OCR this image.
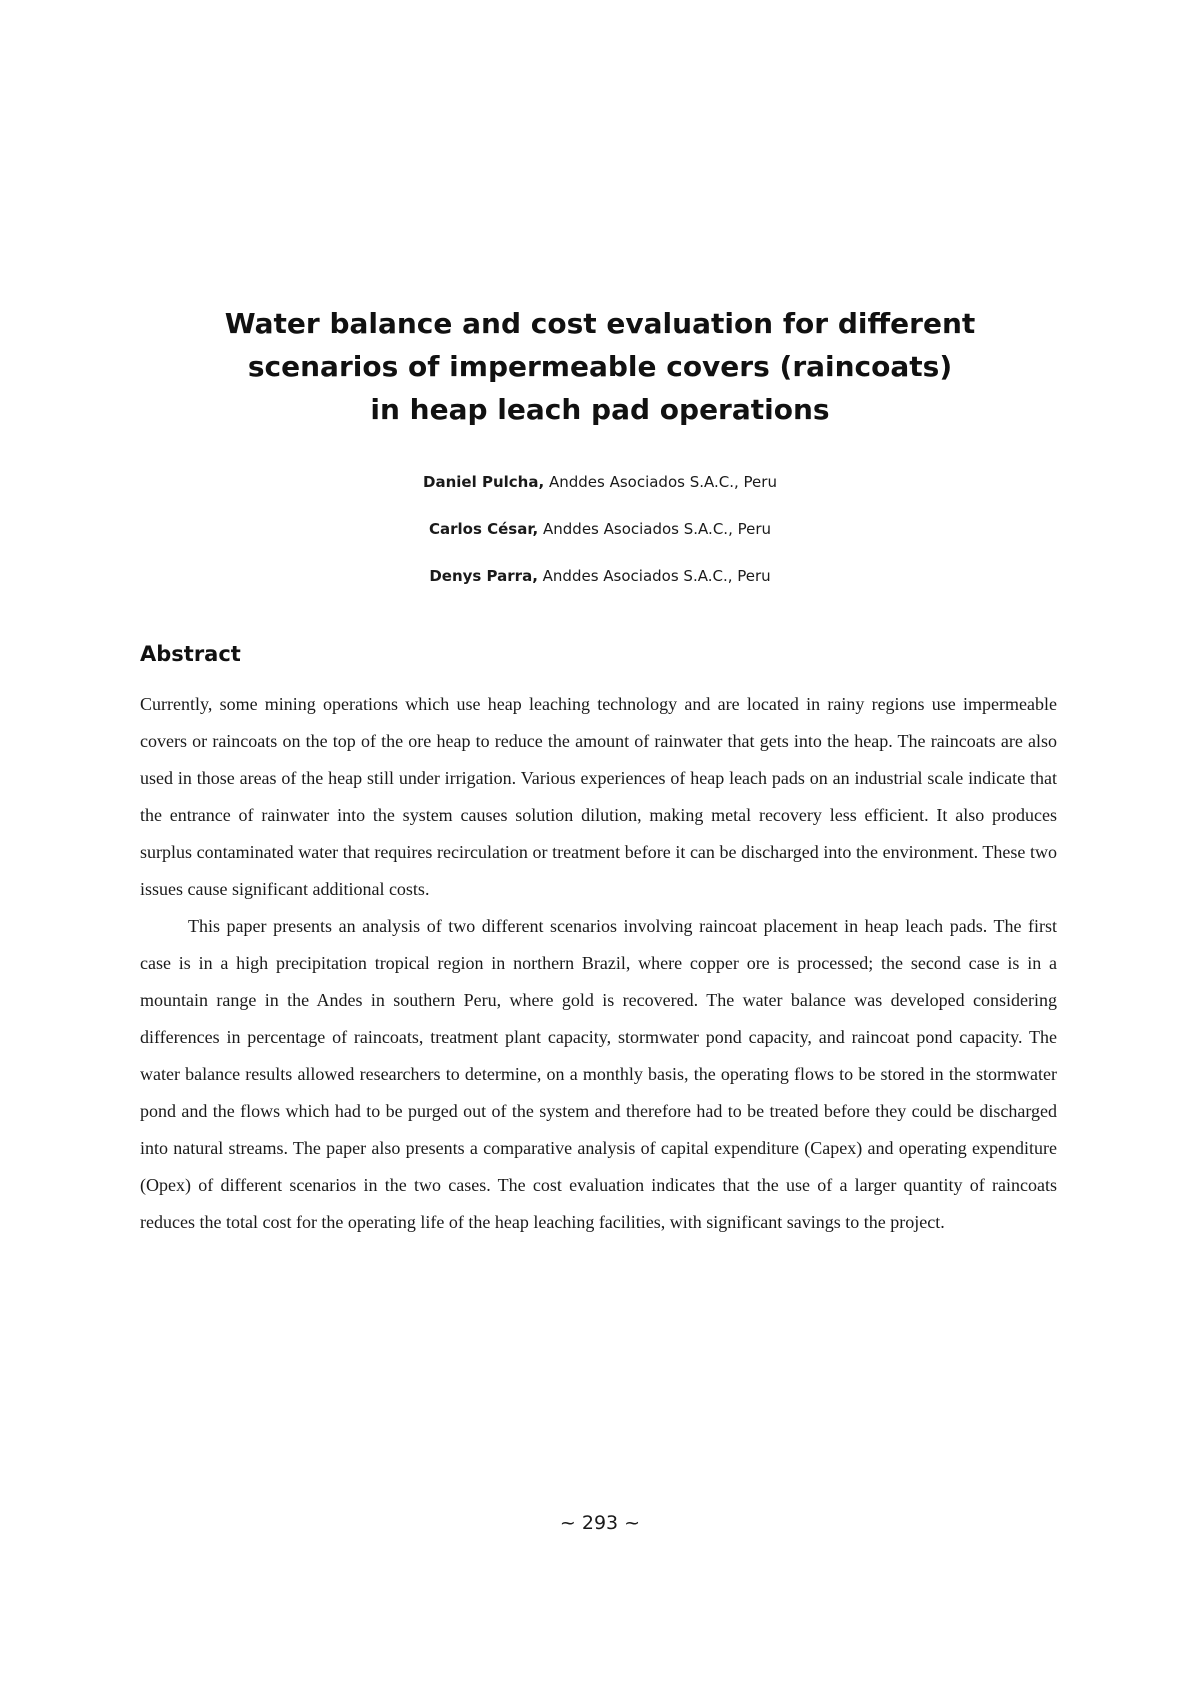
Water balance and cost evaluation for different
scenarios of impermeable covers (raincoats)
in heap leach pad operations
Daniel Pulcha, Anddes Asociados S.A.C., Peru
Carlos César, Anddes Asociados S.A.C., Peru
Denys Parra, Anddes Asociados S.A.C., Peru
Abstract

Currently, some mining operations which use heap leaching technology and are located in rainy regions use impermeable covers or raincoats on the top of the ore heap to reduce the amount of rainwater that gets into the heap. The raincoats are also used in those areas of the heap still under irrigation. Various experiences of heap leach pads on an industrial scale indicate that the entrance of rainwater into the system causes solution dilution, making metal recovery less efficient. It also produces surplus contaminated water that requires recirculation or treatment before it can be discharged into the environment. These two issues cause significant additional costs.

This paper presents an analysis of two different scenarios involving raincoat placement in heap leach pads. The first case is in a high precipitation tropical region in northern Brazil, where copper ore is processed; the second case is in a mountain range in the Andes in southern Peru, where gold is recovered. The water balance was developed considering differences in percentage of raincoats, treatment plant capacity, stormwater pond capacity, and raincoat pond capacity. The water balance results allowed researchers to determine, on a monthly basis, the operating flows to be stored in the stormwater pond and the flows which had to be purged out of the system and therefore had to be treated before they could be discharged into natural streams. The paper also presents a comparative analysis of capital expenditure (Capex) and operating expenditure (Opex) of different scenarios in the two cases. The cost evaluation indicates that the use of a larger quantity of raincoats reduces the total cost for the operating life of the heap leaching facilities, with significant savings to the project.

~ 293 ~
